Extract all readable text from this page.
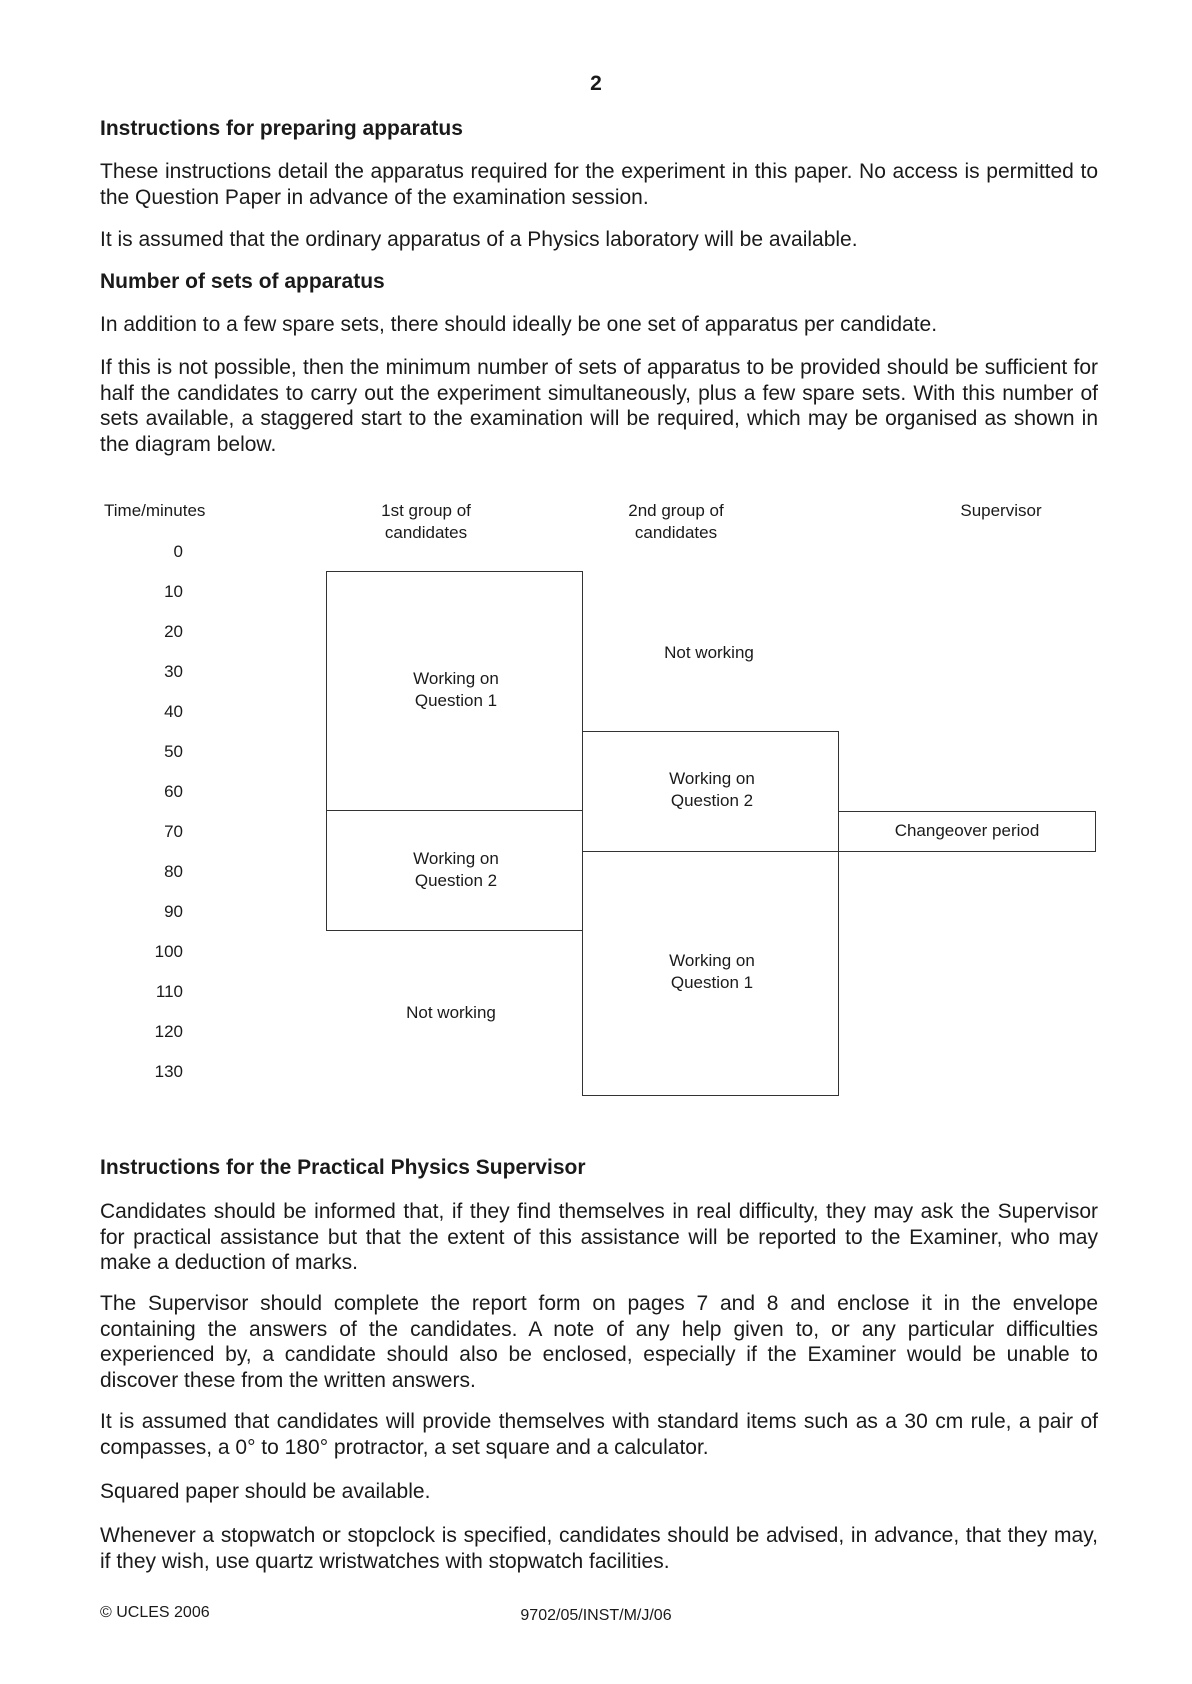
2
Instructions for preparing apparatus
These instructions detail the apparatus required for the experiment in this paper. No access is permitted to the Question Paper in advance of the examination session.
It is assumed that the ordinary apparatus of a Physics laboratory will be available.
Number of sets of apparatus
In addition to a few spare sets, there should ideally be one set of apparatus per candidate.
If this is not possible, then the minimum number of sets of apparatus to be provided should be sufficient for half the candidates to carry out the experiment simultaneously, plus a few spare sets. With this number of sets available, a staggered start to the examination will be required, which may be organised as shown in the diagram below.
Time/minutes	1st group of
candidates
2nd group of
candidates
Supervisor
0
10
20
30
40
50
60
70
80
90
100
110
120
130
Working on
Question 1
Working on
Question 2
Not working
Not working
Working on
Question 2
Working on
Question 1
Changeover period
Instructions for the Practical Physics Supervisor
Candidates should be informed that, if they find themselves in real difficulty, they may ask the Supervisor for practical assistance but that the extent of this assistance will be reported to the Examiner, who may make a deduction of marks.
The Supervisor should complete the report form on pages 7 and 8 and enclose it in the envelope containing the answers of the candidates. A note of any help given to, or any particular difficulties experienced by, a candidate should also be enclosed, especially if the Examiner would be unable to discover these from the written answers.
It is assumed that candidates will provide themselves with standard items such as a 30 cm rule, a pair of compasses, a 0° to 180° protractor, a set square and a calculator.
Squared paper should be available.
Whenever a stopwatch or stopclock is specified, candidates should be advised, in advance, that they may, if they wish, use quartz wristwatches with stopwatch facilities.
© UCLES 2006	9702/05/INST/M/J/06
